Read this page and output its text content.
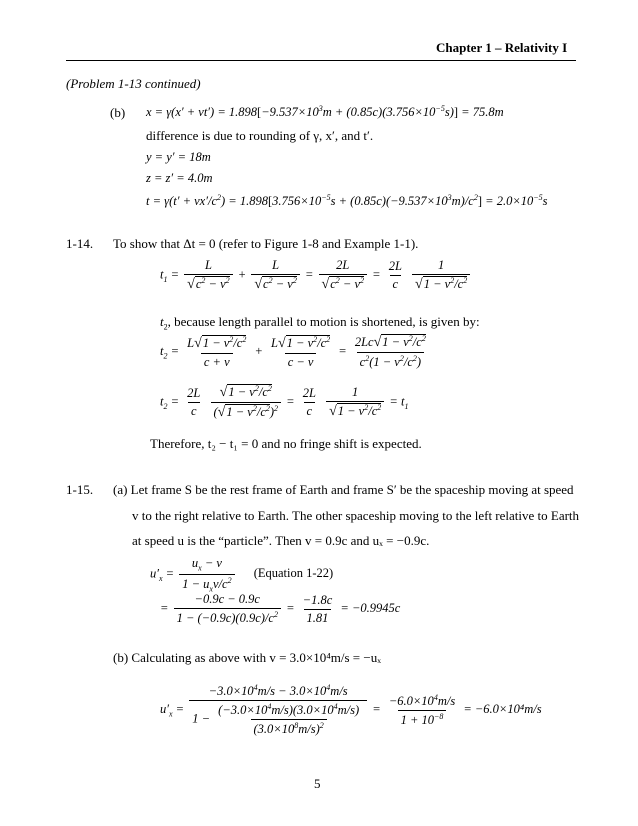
Chapter 1 – Relativity I
(Problem 1-13 continued)
(b) $x = \gamma(x' + vt') = 1.898[-9.537\times 10^3m + (0.85c)(3.756\times 10^{-5}s)] = 75.8m$
difference is due to rounding of γ, x′, and t′.
y = y′ = 18m
z = z′ = 4.0m
$t = \gamma(t' + vx'/c^2) = 1.898[3.756\times 10^{-5}s + (0.85c)(-9.537\times 10^3m)/c^2] = 2.0\times 10^{-5}s$
1-14. To show that Δt = 0 (refer to Figure 1-8 and Example 1-1).
$t_1 = \frac{L}{√c^2 - v^2} + \frac{L}{√c^2 - v^2} = \frac{2L}{√c^2 - v^2} = \frac{2L}{c}$
$\frac{1}{√1 - v^2/c^2}$
$t_2$, because length parallel to motion is shortened, is given by:
$t_2 = \frac{L√1 - v^2/c^2}{c + v} + \frac{L√1 - v^2/c^2}{c - v} = \frac{2Lc√1 - v^2/c^2}{c^2(1 - v^2/c^2)}$
$t_2 = \frac{2L}{c}$
$\frac{√1 - v^2/c^2}{(√1 - v^2/c^2)^2} = \frac{2L}{c}$
$\frac{1}{√1 - v^2/c^2} = t_1$
Therefore, t₂ − t₁ = 0 and no fringe shift is expected.
1-15. (a) Let frame S be the rest frame of Earth and frame S′ be the spaceship moving at speed
v to the right relative to Earth. The other spaceship moving to the left relative to Earth
at speed u is the “particle”. Then v = 0.9c and uₓ = −0.9c.
$u'_x = \frac{u_x - v}{1 - u_xv/c^2}$ (Equation 1-22)
= $\frac{-0.9c - 0.9c}{1 - (-0.9c)(0.9c)/c^2} = \frac{-1.8c}{1.81} = -0.9945c$
(b) Calculating as above with v = 3.0×10⁴m/s = −uₓ
$u'_x = \frac{-3.0\times 10^4m/s - 3.0\times 10^4m/s}{1 - \frac{(-3.0\times 10^4m/s)(3.0\times 10^4m/s)}{(3.0\times 10^8m/s)^2}} = \frac{-6.0\times 10^4m/s}{1 + 10^{-8}} = -6.0\times 10^4m/s$
5
